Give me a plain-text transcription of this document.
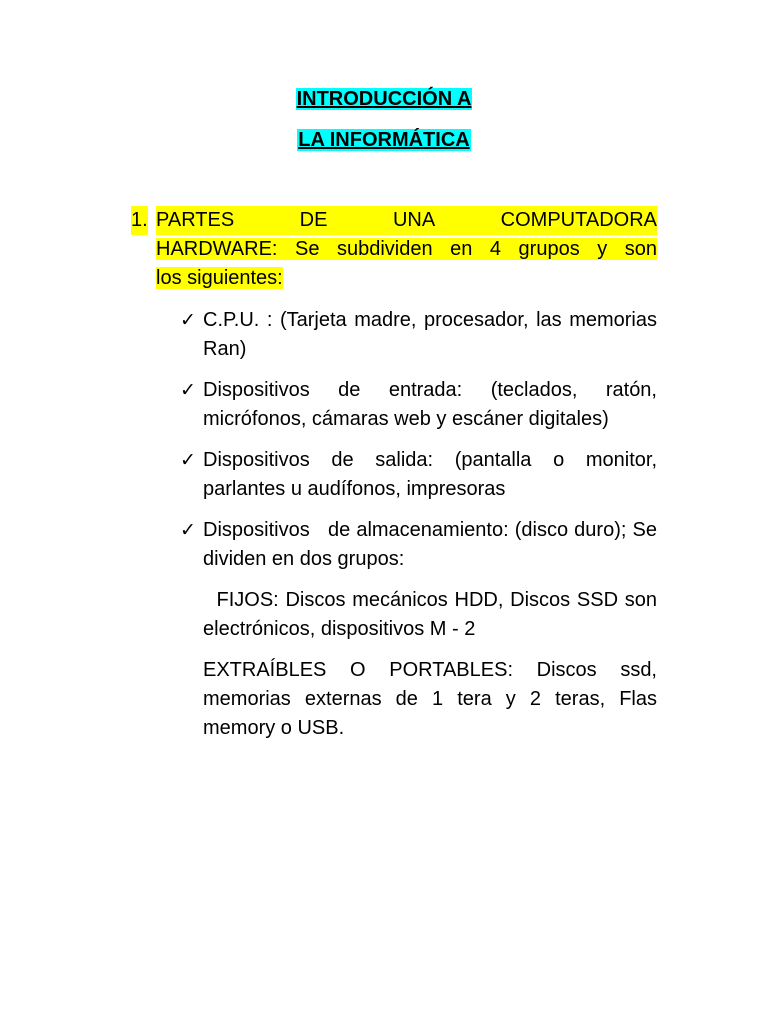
INTRODUCCIÓN A
LA INFORMÁTICA
1. PARTES	DE	UNA	COMPUTADORA
HARDWARE: Se subdividen en 4 grupos y son
los siguientes:
✓ C.P.U. : (Tarjeta madre, procesador, las memorias Ran)
✓ Dispositivos de entrada: (teclados, ratón, micrófonos, cámaras web y escáner digitales)
✓ Dispositivos de salida: (pantalla o monitor, parlantes u audífonos, impresoras
✓ Dispositivos   de almacenamiento: (disco duro); Se dividen en dos grupos:
FIJOS: Discos mecánicos HDD, Discos SSD son electrónicos, dispositivos M - 2
EXTRAÍBLES O PORTABLES: Discos ssd, memorias externas de 1 tera y 2 teras, Flas memory o USB.
